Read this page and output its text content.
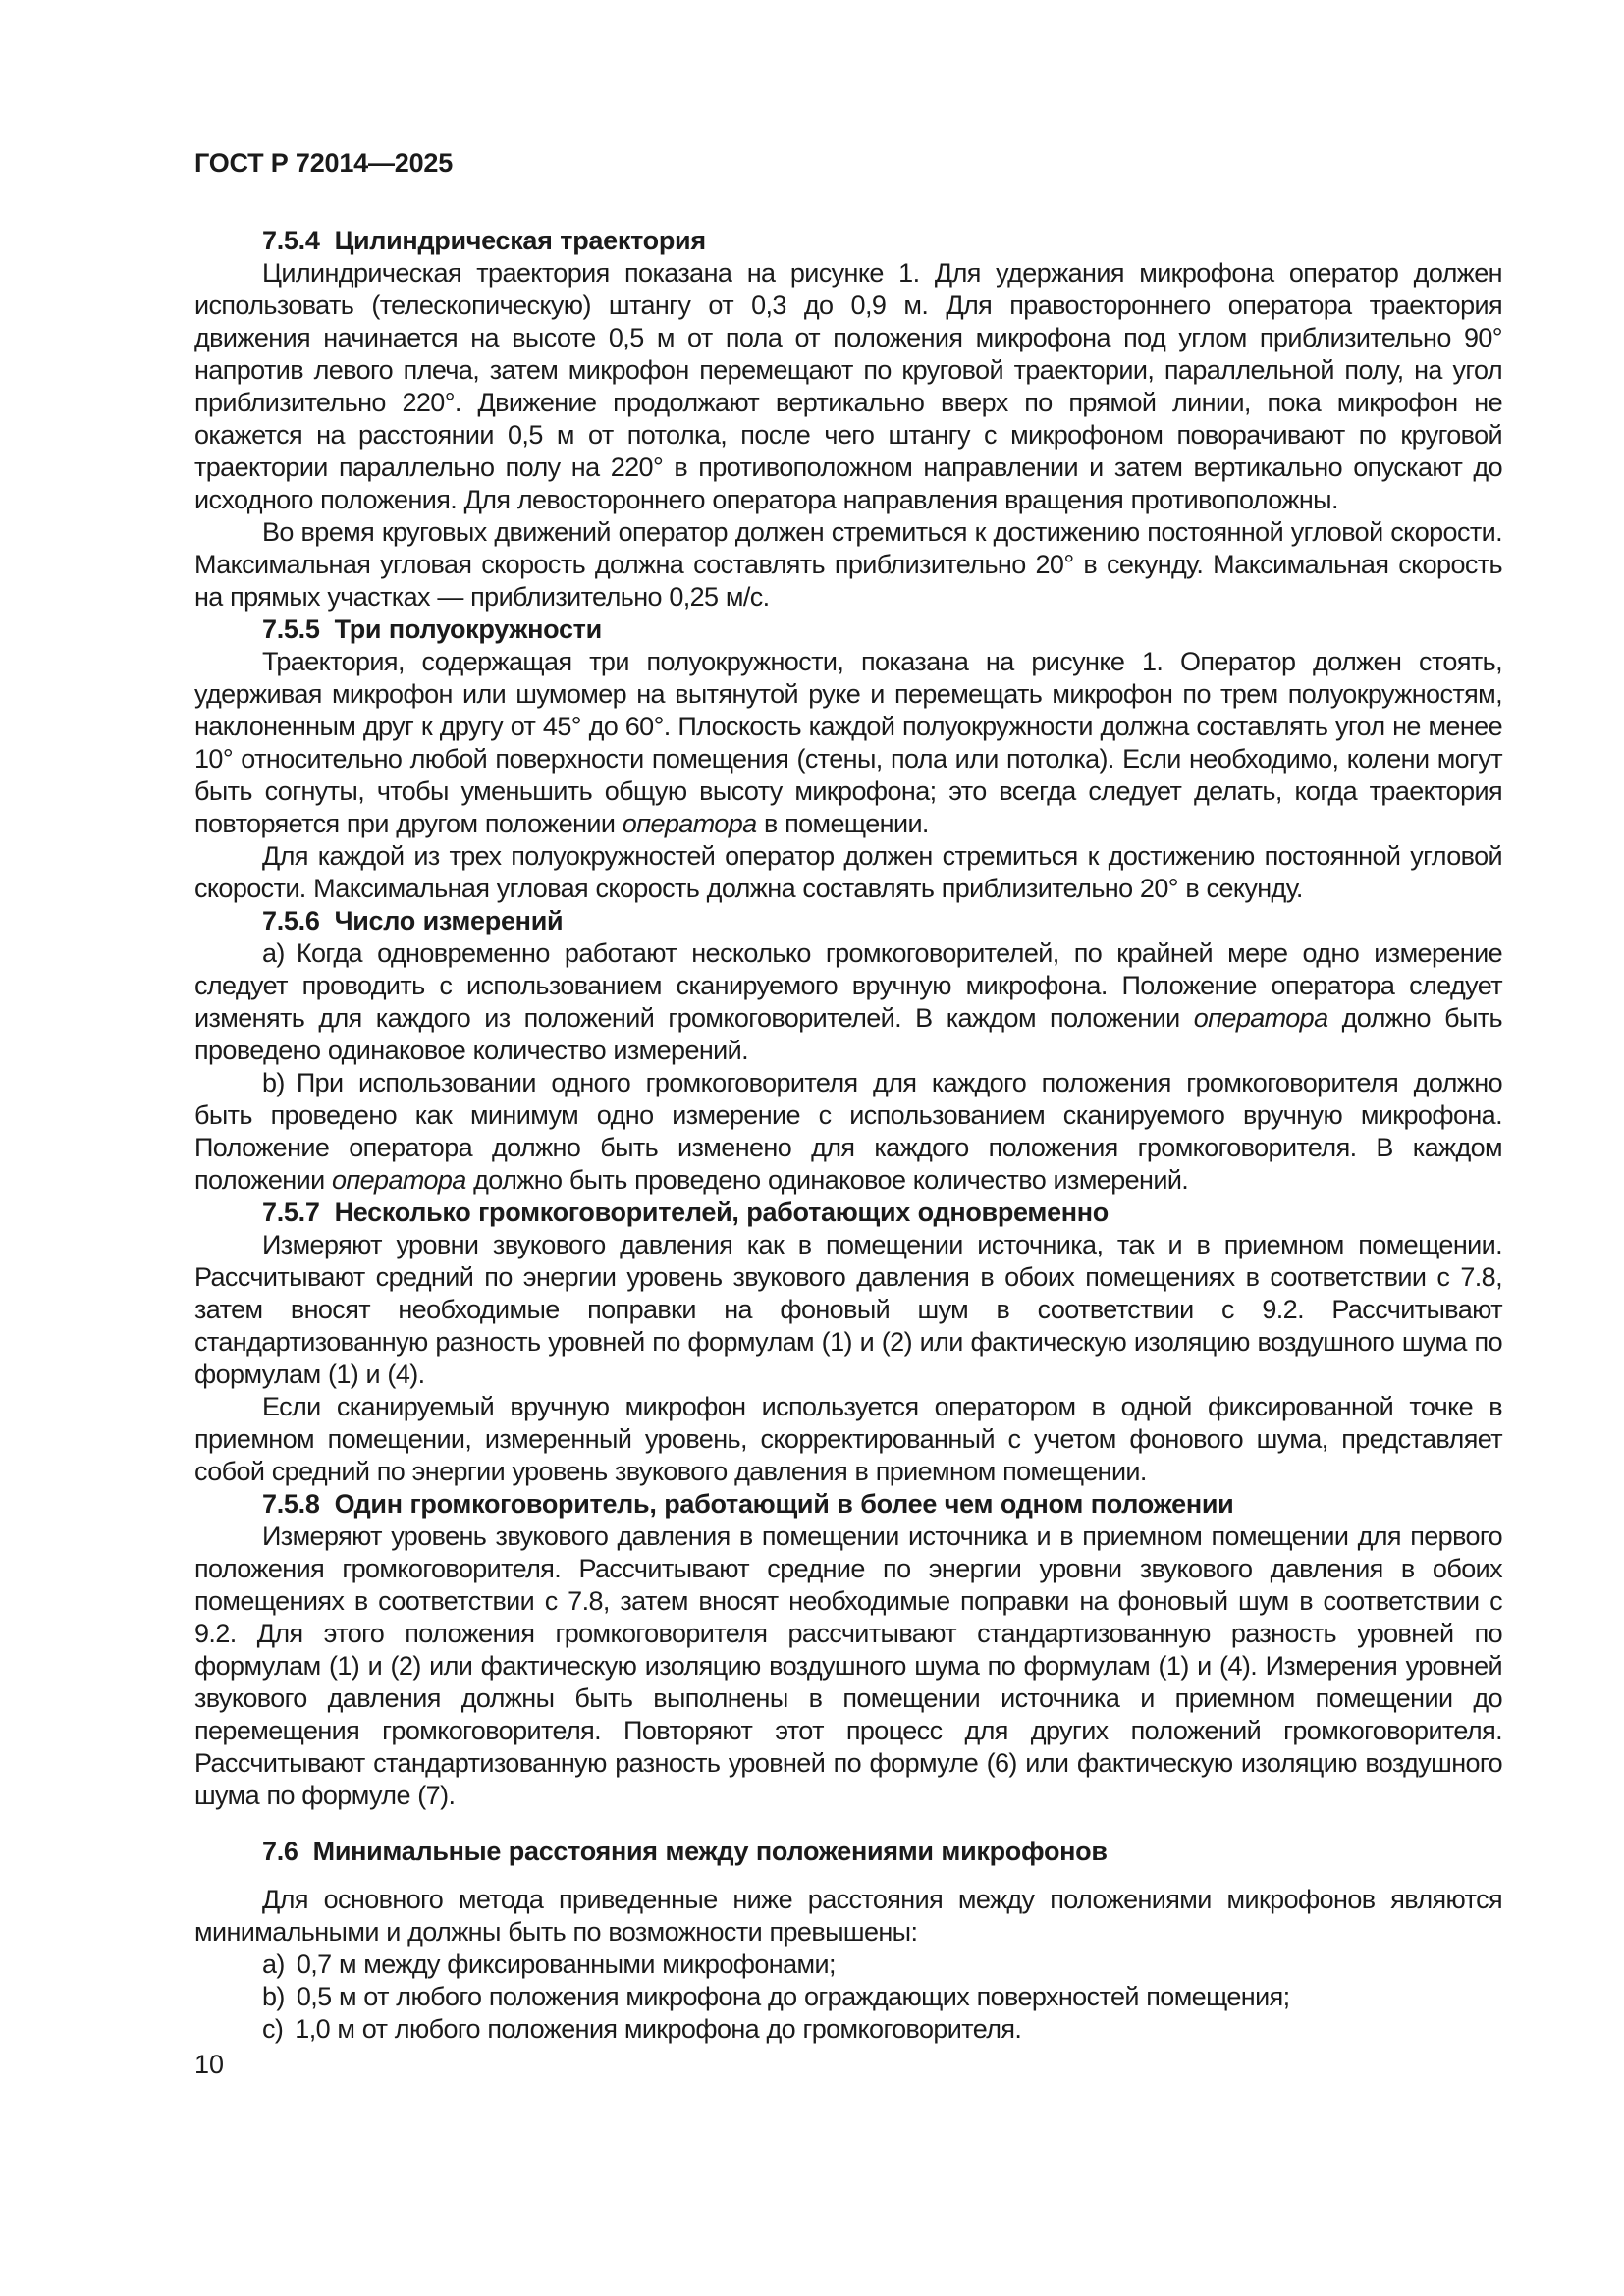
ГОСТ Р 72014—2025

7.5.4 Цилиндрическая траектория

Цилиндрическая траектория показана на рисунке 1. Для удержания микрофона оператор должен использовать (телескопическую) штангу от 0,3 до 0,9 м. Для правостороннего оператора траектория движения начинается на высоте 0,5 м от пола от положения микрофона под углом приблизительно 90° напротив левого плеча, затем микрофон перемещают по круговой траектории, параллельной полу, на угол приблизительно 220°. Движение продолжают вертикально вверх по прямой линии, пока микрофон не окажется на расстоянии 0,5 м от потолка, после чего штангу с микрофоном поворачивают по круговой траектории параллельно полу на 220° в противоположном направлении и затем вертикально опускают до исходного положения. Для левостороннего оператора направления вращения противоположны.

Во время круговых движений оператор должен стремиться к достижению постоянной угловой скорости. Максимальная угловая скорость должна составлять приблизительно 20° в секунду. Максимальная скорость на прямых участках — приблизительно 0,25 м/с.

7.5.5 Три полуокружности

Траектория, содержащая три полуокружности, показана на рисунке 1. Оператор должен стоять, удерживая микрофон или шумомер на вытянутой руке и перемещать микрофон по трем полуокружностям, наклоненным друг к другу от 45° до 60°. Плоскость каждой полуокружности должна составлять угол не менее 10° относительно любой поверхности помещения (стены, пола или потолка). Если необходимо, колени могут быть согнуты, чтобы уменьшить общую высоту микрофона; это всегда следует делать, когда траектория повторяется при другом положении оператора в помещении.

Для каждой из трех полуокружностей оператор должен стремиться к достижению постоянной угловой скорости. Максимальная угловая скорость должна составлять приблизительно 20° в секунду.

7.5.6 Число измерений

a) Когда одновременно работают несколько громкоговорителей, по крайней мере одно измерение следует проводить с использованием сканируемого вручную микрофона. Положение оператора следует изменять для каждого из положений громкоговорителей. В каждом положении оператора должно быть проведено одинаковое количество измерений.

b) При использовании одного громкоговорителя для каждого положения громкоговорителя должно быть проведено как минимум одно измерение с использованием сканируемого вручную микрофона. Положение оператора должно быть изменено для каждого положения громкоговорителя. В каждом положении оператора должно быть проведено одинаковое количество измерений.

7.5.7 Несколько громкоговорителей, работающих одновременно

Измеряют уровни звукового давления как в помещении источника, так и в приемном помещении. Рассчитывают средний по энергии уровень звукового давления в обоих помещениях в соответствии с 7.8, затем вносят необходимые поправки на фоновый шум в соответствии с 9.2. Рассчитывают стандартизованную разность уровней по формулам (1) и (2) или фактическую изоляцию воздушного шума по формулам (1) и (4).

Если сканируемый вручную микрофон используется оператором в одной фиксированной точке в приемном помещении, измеренный уровень, скорректированный с учетом фонового шума, представляет собой средний по энергии уровень звукового давления в приемном помещении.

7.5.8 Один громкоговоритель, работающий в более чем одном положении

Измеряют уровень звукового давления в помещении источника и в приемном помещении для первого положения громкоговорителя. Рассчитывают средние по энергии уровни звукового давления в обоих помещениях в соответствии с 7.8, затем вносят необходимые поправки на фоновый шум в соответствии с 9.2. Для этого положения громкоговорителя рассчитывают стандартизованную разность уровней по формулам (1) и (2) или фактическую изоляцию воздушного шума по формулам (1) и (4). Измерения уровней звукового давления должны быть выполнены в помещении источника и приемном помещении до перемещения громкоговорителя. Повторяют этот процесс для других положений громкоговорителя. Рассчитывают стандартизованную разность уровней по формуле (6) или фактическую изоляцию воздушного шума по формуле (7).

7.6 Минимальные расстояния между положениями микрофонов

Для основного метода приведенные ниже расстояния между положениями микрофонов являются минимальными и должны быть по возможности превышены:

a) 0,7 м между фиксированными микрофонами;

b) 0,5 м от любого положения микрофона до ограждающих поверхностей помещения;

c) 1,0 м от любого положения микрофона до громкоговорителя.

10
